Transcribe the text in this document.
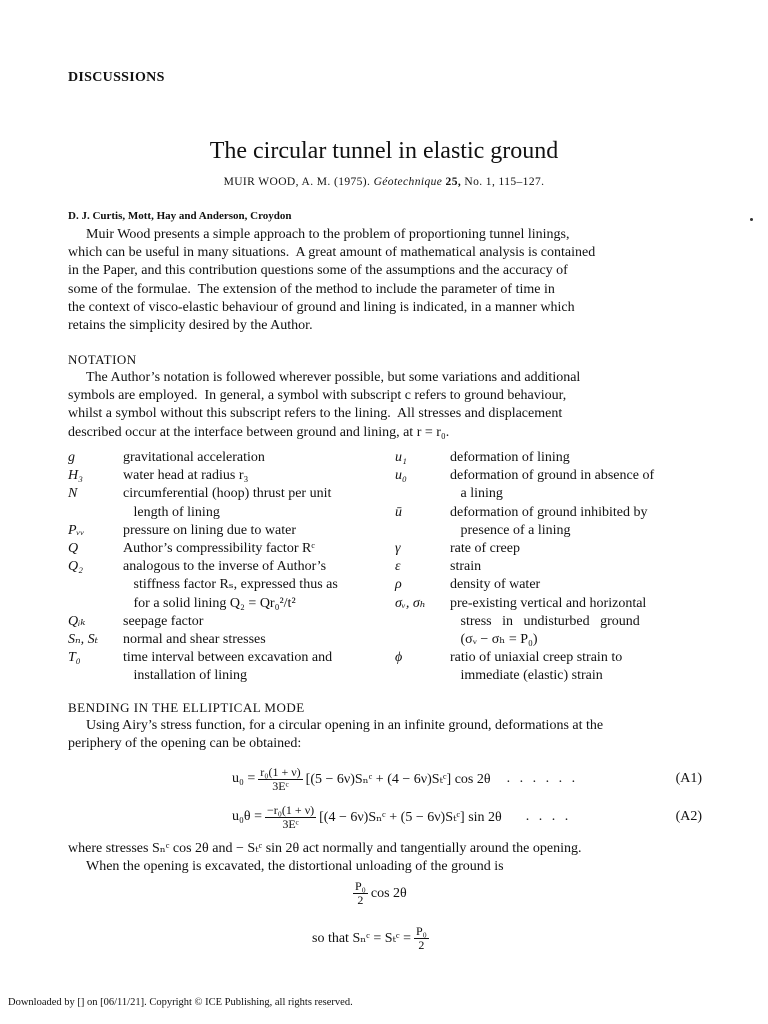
DISCUSSIONS
The circular tunnel in elastic ground
MUIR WOOD, A. M. (1975). Géotechnique 25, No. 1, 115–127.
D. J. Curtis, Mott, Hay and Anderson, Croydon
Muir Wood presents a simple approach to the problem of proportioning tunnel linings,
which can be useful in many situations.  A great amount of mathematical analysis is contained
in the Paper, and this contribution questions some of the assumptions and the accuracy of
some of the formulae.  The extension of the method to include the parameter of time in
the context of visco-elastic behaviour of ground and lining is indicated, in a manner which
retains the simplicity desired by the Author.
NOTATION
The Author’s notation is followed wherever possible, but some variations and additional
symbols are employed.  In general, a symbol with subscript c refers to ground behaviour,
whilst a symbol without this subscript refers to the lining.  All stresses and displacement
described occur at the interface between ground and lining, at r = r₀.
g	gravitational acceleration
H₃	water head at radius r₃
N	circumferential (hoop) thrust per unit
length of lining
Pᵥᵥ	pressure on lining due to water
Q	Author’s compressibility factor Rᶜ
Q₂	analogous to the inverse of Author’s
stiffness factor Rₛ, expressed thus as
for a solid lining Q₂ = Qr₀²/t²
Qᵢₖ	seepage factor
Sₙ, Sₜ	normal and shear stresses
T₀	time interval between excavation and
installation of lining
u₁	deformation of lining
u₀	deformation of ground in absence of
a lining
ū	deformation of ground inhibited by
presence of a lining
γ	rate of creep
ε	strain
ρ	density of water
σᵥ, σₕ	pre-existing vertical and horizontal
stress   in   undisturbed   ground
(σᵥ − σₕ = P₀)
ϕ	ratio of uniaxial creep strain to
immediate (elastic) strain
BENDING IN THE ELLIPTICAL MODE
Using Airy’s stress function, for a circular opening in an infinite ground, deformations at the
periphery of the opening can be obtained:
$u_0 = \frac{\text{r₀(1 + ν)}}{\text{3Eᶜ}} [(5$ − 6ν)Sₙᶜ + (4 − 6ν)Sₜᶜ] cos 2θ . . . . . .	(A1)
$u_0\theta = \frac{\text{−r₀(1 + ν)}}{\text{3Eᶜ}} [(4$ − 6ν)Sₙᶜ + (5 − 6ν)Sₜᶜ] sin 2θ . . . .	(A2)
where stresses Sₙᶜ cos 2θ and − Sₜᶜ sin 2θ act normally and tangentially around the opening.
When the opening is excavated, the distortional unloading of the ground is
$\frac{\text{P₀}}{2}$ cos 2θ
so that Sₙᶜ = Sₜᶜ = $\frac{\text{P₀}}{2}$
Downloaded by [] on [06/11/21]. Copyright © ICE Publishing, all rights reserved.
